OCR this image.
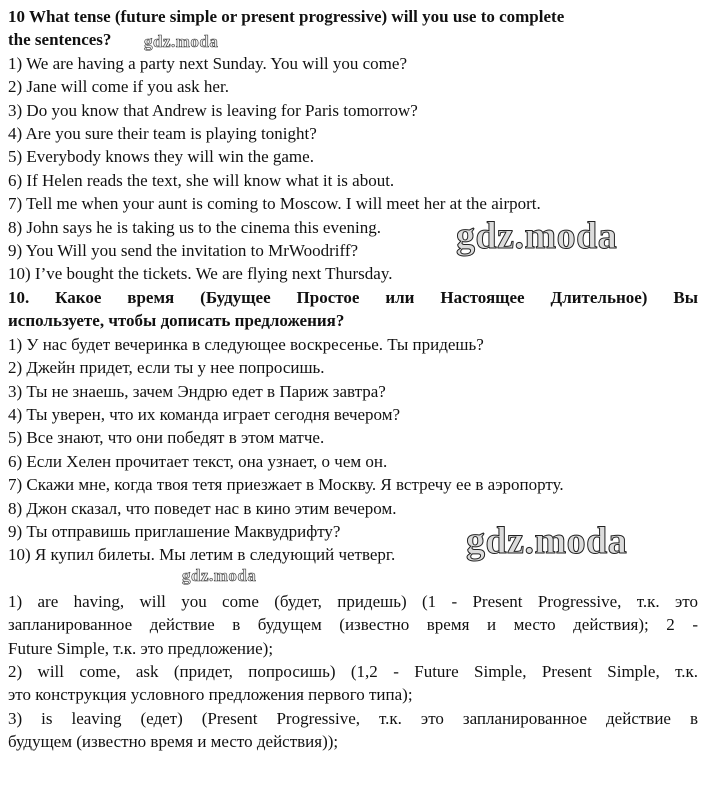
10 What tense (future simple or present progressive) will you use to complete
the sentences?
1) We are having a party next Sunday. You will you come?
2) Jane will come if you ask her.
3) Do you know that Andrew is leaving for Paris tomorrow?
4) Are you sure their team is playing tonight?
5) Everybody knows they will win the game.
6) If Helen reads the text, she will know what it is about.
7) Tell me when your aunt is coming to Moscow. I will meet her at the airport.
8) John says he is taking us to the cinema this evening.
9) You Will you send the invitation to MrWoodriff?
10) I’ve bought the tickets. We are flying next Thursday.
10. Какое время (Будущее Простое или Настоящее Длительное) Вы
используете, чтобы дописать предложения?
1) У нас будет вечеринка в следующее воскресенье. Ты придешь?
2) Джейн придет, если ты у нее попросишь.
3) Ты не знаешь, зачем Эндрю едет в Париж завтра?
4) Ты уверен, что их команда играет сегодня вечером?
5) Все знают, что они победят в этом матче.
6) Если Хелен прочитает текст, она узнает, о чем он.
7) Скажи мне, когда твоя тетя приезжает в Москву. Я встречу ее в аэропорту.
8) Джон сказал, что поведет нас в кино этим вечером.
9) Ты отправишь приглашение Маквудрифту?
10) Я купил билеты. Мы летим в следующий четверг.
1) are having, will you come (будет, придешь) (1 - Present Progressive, т.к. это
запланированное действие в будущем (известно время и место действия); 2 -
Future Simple, т.к. это предложение);
2) will come, ask (придет, попросишь) (1,2 - Future Simple, Present Simple, т.к.
это конструкция условного предложения первого типа);
3) is leaving (едет) (Present Progressive, т.к. это запланированное действие в
будущем (известно время и место действия));
gdz.moda
gdz.moda
gdz.moda
gdz.moda
